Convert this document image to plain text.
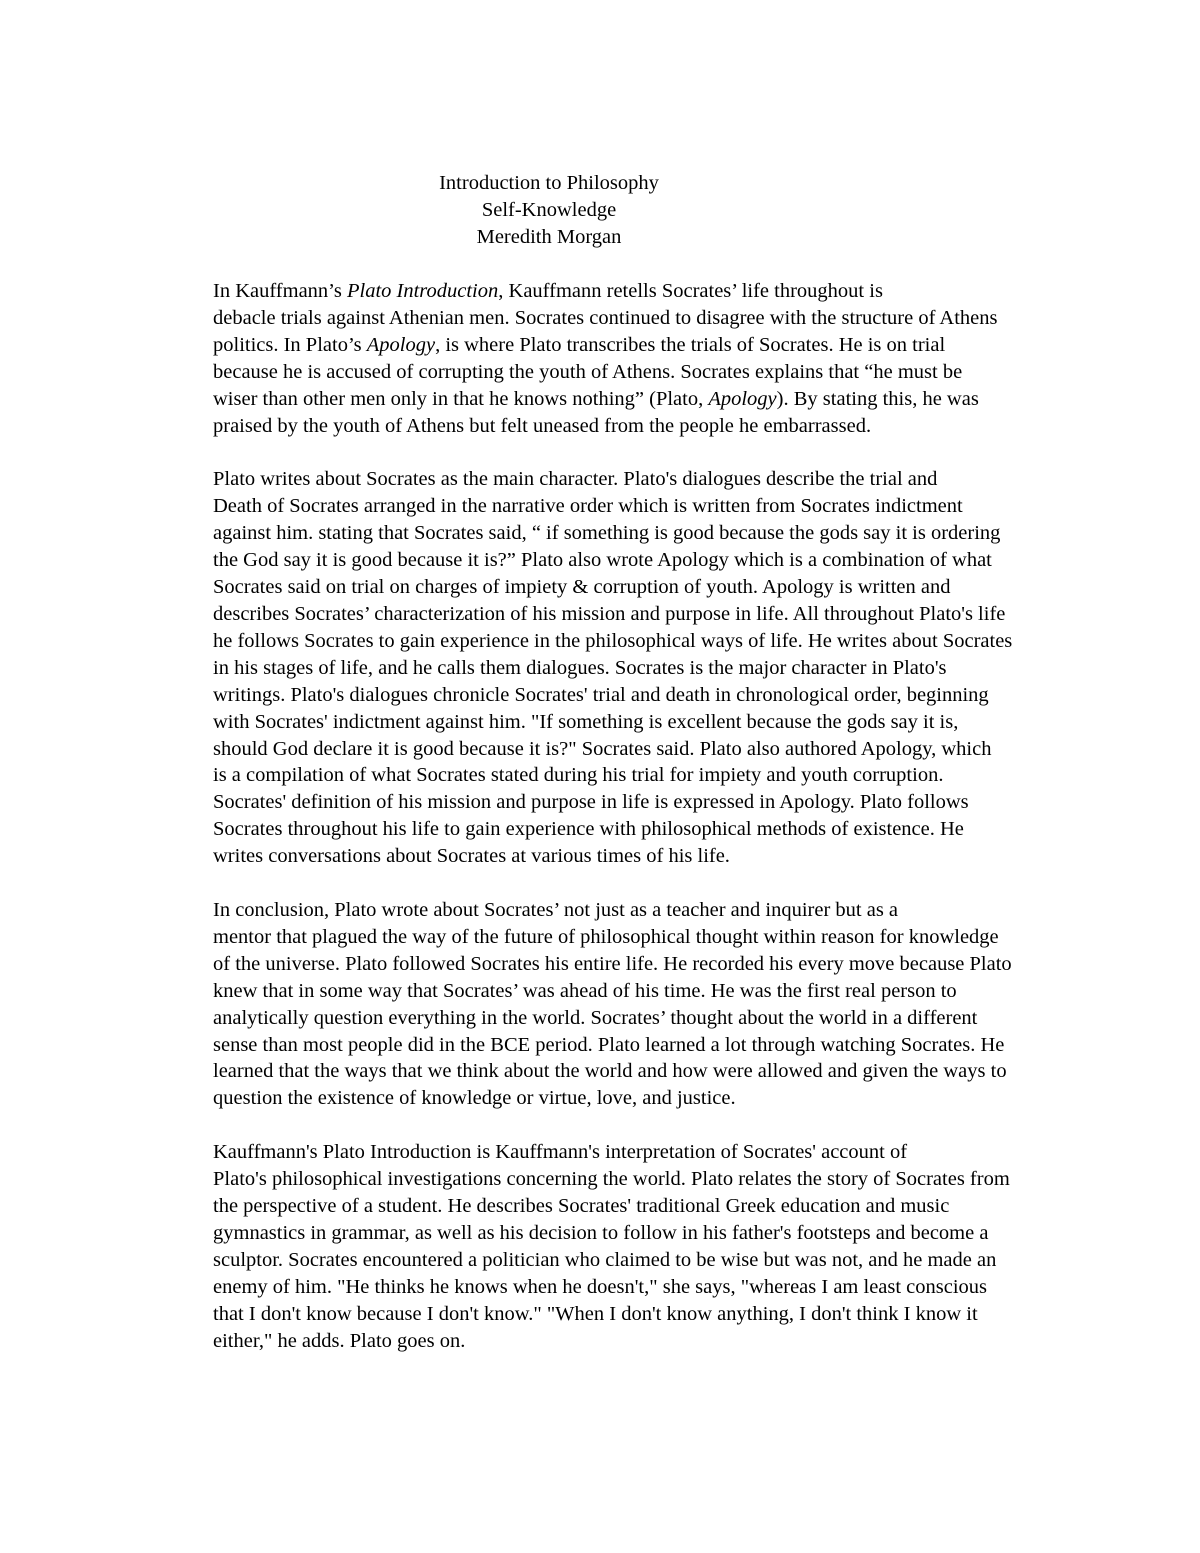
Introduction to Philosophy
Self-Knowledge
Meredith Morgan
In Kauffmann’s Plato Introduction, Kauffmann retells Socrates’ life throughout is
debacle trials against Athenian men. Socrates continued to disagree with the structure of Athens
politics. In Plato’s Apology, is where Plato transcribes the trials of Socrates. He is on trial
because he is accused of corrupting the youth of Athens. Socrates explains that “he must be
wiser than other men only in that he knows nothing” (Plato, Apology). By stating this, he was
praised by the youth of Athens but felt uneased from the people he embarrassed.
Plato writes about Socrates as the main character. Plato's dialogues describe the trial and
Death of Socrates arranged in the narrative order which is written from Socrates indictment
against him. stating that Socrates said, “ if something is good because the gods say it is ordering
the God say it is good because it is?” Plato also wrote Apology which is a combination of what
Socrates said on trial on charges of impiety & corruption of youth. Apology is written and
describes Socrates’ characterization of his mission and purpose in life. All throughout Plato's life
he follows Socrates to gain experience in the philosophical ways of life. He writes about Socrates
in his stages of life, and he calls them dialogues. Socrates is the major character in Plato's
writings. Plato's dialogues chronicle Socrates' trial and death in chronological order, beginning
with Socrates' indictment against him. "If something is excellent because the gods say it is,
should God declare it is good because it is?" Socrates said. Plato also authored Apology, which
is a compilation of what Socrates stated during his trial for impiety and youth corruption.
Socrates' definition of his mission and purpose in life is expressed in Apology. Plato follows
Socrates throughout his life to gain experience with philosophical methods of existence. He
writes conversations about Socrates at various times of his life.
In conclusion, Plato wrote about Socrates’ not just as a teacher and inquirer but as a
mentor that plagued the way of the future of philosophical thought within reason for knowledge
of the universe. Plato followed Socrates his entire life. He recorded his every move because Plato
knew that in some way that Socrates’ was ahead of his time. He was the first real person to
analytically question everything in the world. Socrates’ thought about the world in a different
sense than most people did in the BCE period. Plato learned a lot through watching Socrates. He
learned that the ways that we think about the world and how were allowed and given the ways to
question the existence of knowledge or virtue, love, and justice.
Kauffmann's Plato Introduction is Kauffmann's interpretation of Socrates' account of
Plato's philosophical investigations concerning the world. Plato relates the story of Socrates from
the perspective of a student. He describes Socrates' traditional Greek education and music
gymnastics in grammar, as well as his decision to follow in his father's footsteps and become a
sculptor. Socrates encountered a politician who claimed to be wise but was not, and he made an
enemy of him. "He thinks he knows when he doesn't," she says, "whereas I am least conscious
that I don't know because I don't know." "When I don't know anything, I don't think I know it
either," he adds. Plato goes on.
